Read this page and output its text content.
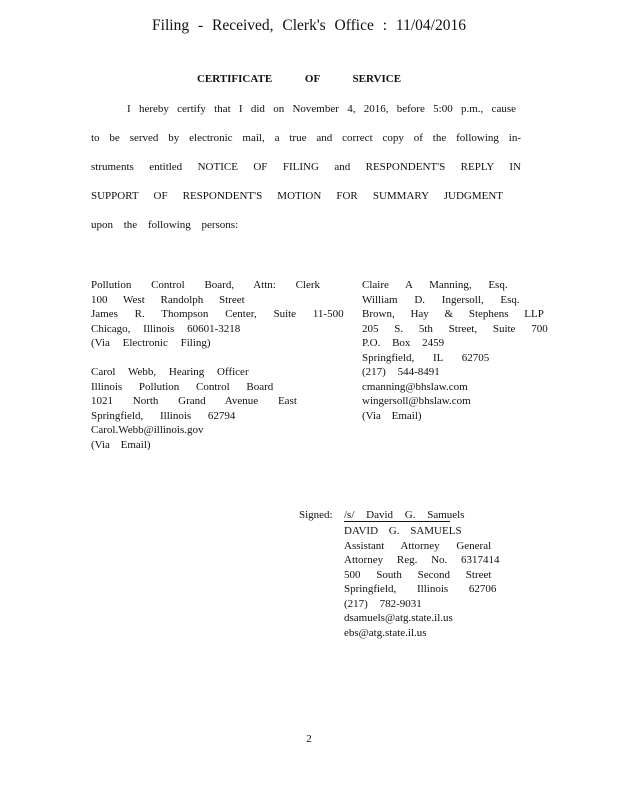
Filing - Received, Clerk's Office : 11/04/2016
CERTIFICATE OF SERVICE
I hereby certify that I did on November 4, 2016, before 5:00 p.m., cause
to be served by electronic mail, a true and correct copy of the following in-
struments entitled NOTICE OF FILING and RESPONDENT'S REPLY IN
SUPPORT OF RESPONDENT'S MOTION FOR SUMMARY JUDGMENT
upon the following persons:
Pollution Control Board, Attn: Clerk
100 West Randolph Street
James R. Thompson Center, Suite 11-500
Chicago, Illinois 60601-3218
(Via Electronic Filing)
Carol Webb, Hearing Officer
Illinois Pollution Control Board
1021 North Grand Avenue East
Springfield, Illinois 62794
Carol.Webb@illinois.gov
(Via Email)
Claire A Manning, Esq.
William D. Ingersoll, Esq.
Brown, Hay & Stephens LLP
205 S. 5th Street, Suite 700
P.O. Box 2459
Springfield, IL 62705
(217) 544-8491
cmanning@bhslaw.com
wingersoll@bhslaw.com
(Via Email)
Signed: /s/ David G. Samuels
DAVID G. SAMUELS
Assistant Attorney General
Attorney Reg. No. 6317414
500 South Second Street
Springfield, Illinois 62706
(217) 782-9031
dsamuels@atg.state.il.us
ebs@atg.state.il.us
2
